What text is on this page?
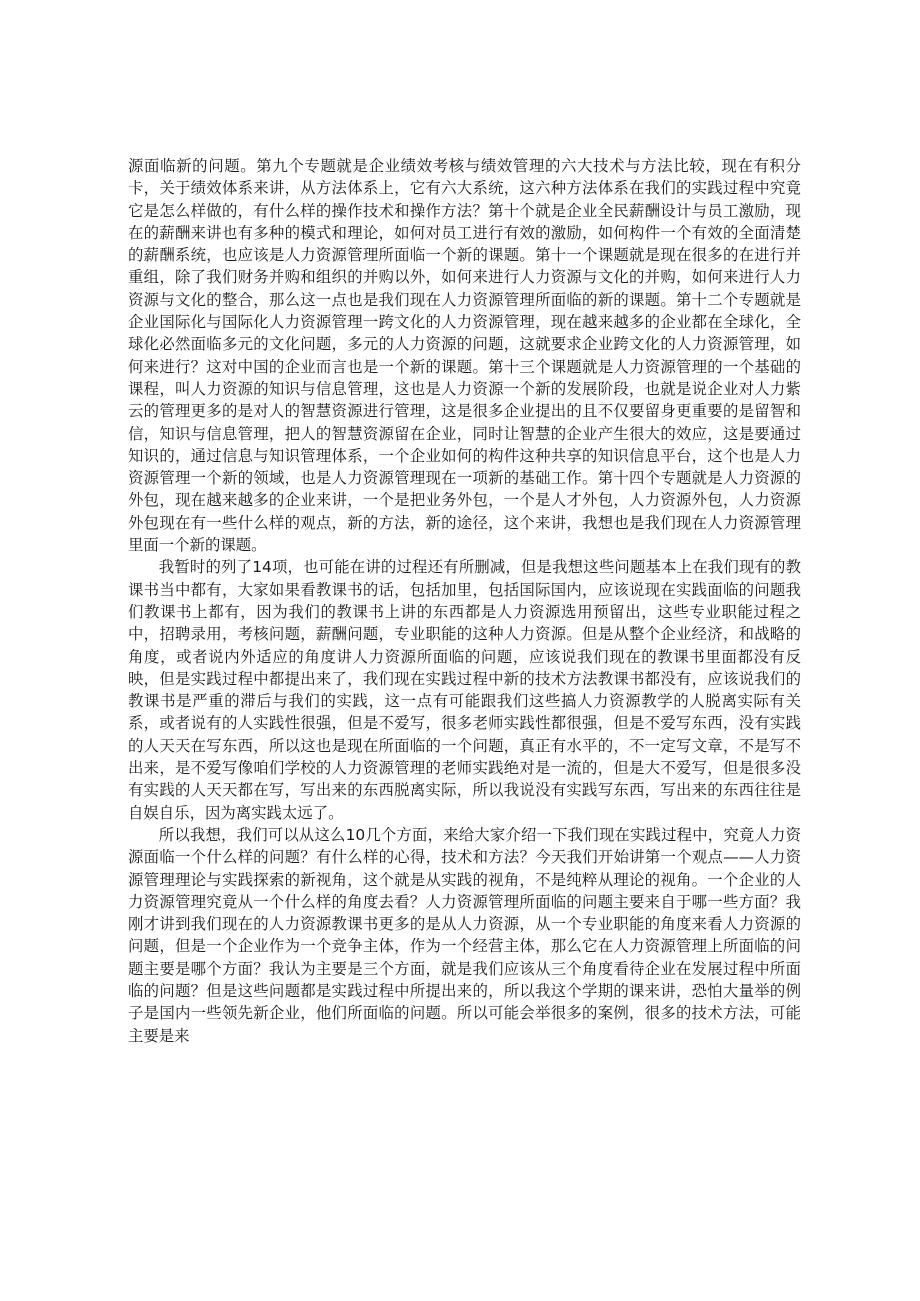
源面临新的问题。第九个专题就是企业绩效考核与绩效管理的六大技术与方法比较，现在有积分卡，关于绩效体系来讲，从方法体系上，它有六大系统，这六种方法体系在我们的实践过程中究竟它是怎么样做的，有什么样的操作技术和操作方法？第十个就是企业全民薪酬设计与员工激励，现在的薪酬来讲也有多种的模式和理论，如何对员工进行有效的激励，如何构件一个有效的全面清楚的薪酬系统，也应该是人力资源管理所面临一个新的课题。第十一个课题就是现在很多的在进行并重组，除了我们财务并购和组织的并购以外，如何来进行人力资源与文化的并购，如何来进行人力资源与文化的整合，那么这一点也是我们现在人力资源管理所面临的新的课题。第十二个专题就是企业国际化与国际化人力资源管理一跨文化的人力资源管理，现在越来越多的企业都在全球化，全球化必然面临多元的文化问题，多元的人力资源的问题，这就要求企业跨文化的人力资源管理，如何来进行？这对中国的企业而言也是一个新的课题。第十三个课题就是人力资源管理的一个基础的课程，叫人力资源的知识与信息管理，这也是人力资源一个新的发展阶段，也就是说企业对人力紫云的管理更多的是对人的智慧资源进行管理，这是很多企业提出的且不仅要留身更重要的是留智和信，知识与信息管理，把人的智慧资源留在企业，同时让智慧的企业产生很大的效应，这是要通过知识的，通过信息与知识管理体系，一个企业如何的构件这种共享的知识信息平台，这个也是人力资源管理一个新的领域，也是人力资源管理现在一项新的基础工作。第十四个专题就是人力资源的外包，现在越来越多的企业来讲，一个是把业务外包，一个是人才外包，人力资源外包，人力资源外包现在有一些什么样的观点，新的方法，新的途径，这个来讲，我想也是我们现在人力资源管理里面一个新的课题。

我暂时的列了14项，也可能在讲的过程还有所删减，但是我想这些问题基本上在我们现有的教课书当中都有，大家如果看教课书的话，包括加里，包括国际国内，应该说现在实践面临的问题我们教课书上都有，因为我们的教课书上讲的东西都是人力资源选用预留出，这些专业职能过程之中，招聘录用，考核问题，薪酬问题，专业职能的这种人力资源。但是从整个企业经济，和战略的角度，或者说内外适应的角度讲人力资源所面临的问题，应该说我们现在的教课书里面都没有反映，但是实践过程中都提出来了，我们现在实践过程中新的技术方法教课书都没有，应该说我们的教课书是严重的滞后与我们的实践，这一点有可能跟我们这些搞人力资源教学的人脱离实际有关系，或者说有的人实践性很强，但是不爱写，很多老师实践性都很强，但是不爱写东西，没有实践的人天天在写东西，所以这也是现在所面临的一个问题，真正有水平的，不一定写文章，不是写不出来，是不爱写像咱们学校的人力资源管理的老师实践绝对是一流的，但是大不爱写，但是很多没有实践的人天天都在写，写出来的东西脱离实际，所以我说没有实践写东西，写出来的东西往往是自娱自乐，因为离实践太远了。

所以我想，我们可以从这么10几个方面，来给大家介绍一下我们现在实践过程中，究竟人力资源面临一个什么样的问题？有什么样的心得，技术和方法？今天我们开始讲第一个观点——人力资源管理理论与实践探索的新视角，这个就是从实践的视角，不是纯粹从理论的视角。一个企业的人力资源管理究竟从一个什么样的角度去看？人力资源管理所面临的问题主要来自于哪一些方面？我刚才讲到我们现在的人力资源教课书更多的是从人力资源，从一个专业职能的角度来看人力资源的问题，但是一个企业作为一个竞争主体，作为一个经营主体，那么它在人力资源管理上所面临的问题主要是哪个方面？我认为主要是三个方面，就是我们应该从三个角度看待企业在发展过程中所面临的问题？但是这些问题都是实践过程中所提出来的，所以我这个学期的课来讲，恐怕大量举的例子是国内一些领先新企业，他们所面临的问题。所以可能会举很多的案例，很多的技术方法，可能主要是来
